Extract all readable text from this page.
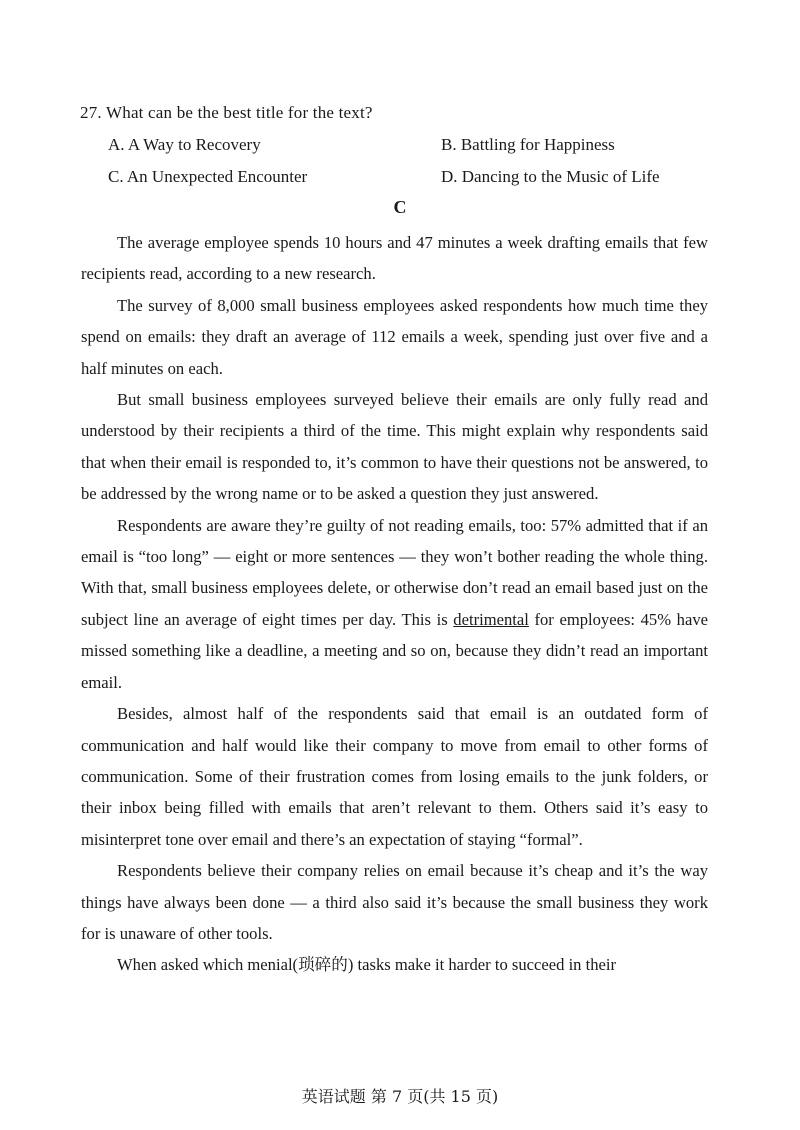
27. What can be the best title for the text?
A. A Way to Recovery	B. Battling for Happiness
C. An Unexpected Encounter	D. Dancing to the Music of Life
C

The average employee spends 10 hours and 47 minutes a week drafting emails that few recipients read, according to a new research.

The survey of 8,000 small business employees asked respondents how much time they spend on emails: they draft an average of 112 emails a week, spending just over five and a half minutes on each.

But small business employees surveyed believe their emails are only fully read and understood by their recipients a third of the time. This might explain why respondents said that when their email is responded to, it’s common to have their questions not be answered, to be addressed by the wrong name or to be asked a question they just answered.

Respondents are aware they’re guilty of not reading emails, too: 57% admitted that if an email is “too long” — eight or more sentences — they won’t bother reading the whole thing. With that, small business employees delete, or otherwise don’t read an email based just on the subject line an average of eight times per day. This is detrimental for employees: 45% have missed something like a deadline, a meeting and so on, because they didn’t read an important email.

Besides, almost half of the respondents said that email is an outdated form of communication and half would like their company to move from email to other forms of communication. Some of their frustration comes from losing emails to the junk folders, or their inbox being filled with emails that aren’t relevant to them. Others said it’s easy to misinterpret tone over email and there’s an expectation of staying “formal”.

Respondents believe their company relies on email because it’s cheap and it’s the way things have always been done — a third also said it’s because the small business they work for is unaware of other tools.

When asked which menial(琐碎的) tasks make it harder to succeed in their

英语试题 第 7 页(共 15 页)
